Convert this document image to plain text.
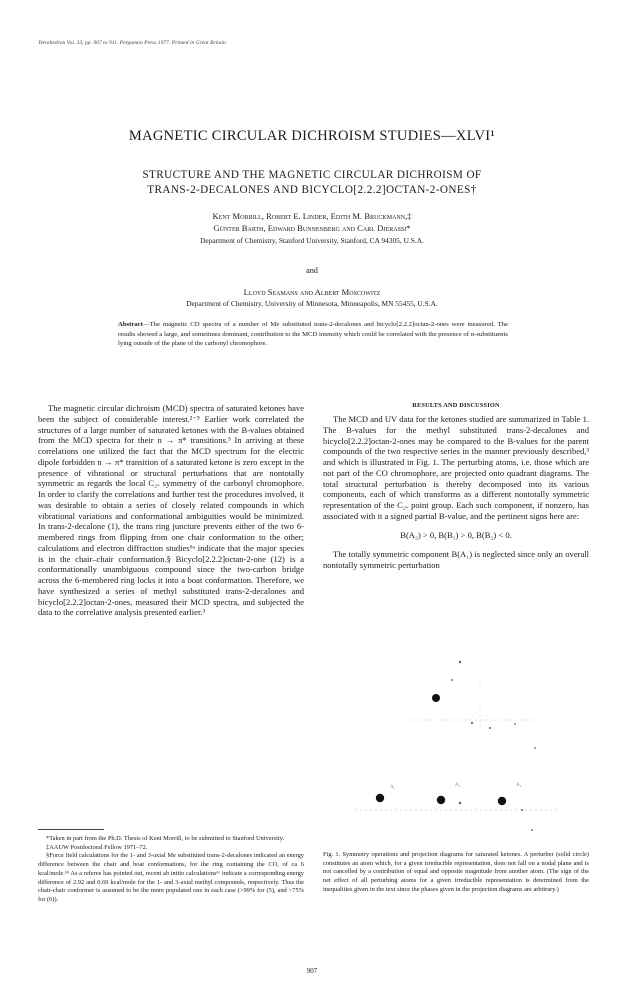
Tetrahedron Vol. 33, pp. 907 to 911. Pergamon Press 1977. Printed in Great Britain
MAGNETIC CIRCULAR DICHROISM STUDIES—XLVI¹
STRUCTURE AND THE MAGNETIC CIRCULAR DICHROISM OF
TRANS-2-DECALONES AND BICYCLO[2.2.2]OCTAN-2-ONES†
Kent Morrill, Robert E. Linder, Edith M. Bruckmann,‡
Günter Barth, Edward Bunnenberg and Carl Djerassi*
Department of Chemistry, Stanford University, Stanford, CA 94305, U.S.A.
and
Lloyd Seamans and Albert Moscowitz
Department of Chemistry, University of Minnesota, Minneapolis, MN 55455, U.S.A.
Abstract—The magnetic CD spectra of a number of Me substituted trans-2-decalones and bicyclo[2.2.2]octan-2-ones were measured. The results showed a large, and sometimes dominant, contribution to the MCD intensity which could be correlated with the presence of α-substituents lying outside of the plane of the carbonyl chromophore.

The magnetic circular dichroism (MCD) spectra of saturated ketones have been the subject of considerable interest.²⁻⁵ Earlier work correlated the structures of a large number of saturated ketones with the B-values obtained from the MCD spectra for their n → π* transitions.³ In arriving at these correlations one utilized the fact that the MCD spectrum for the electric dipole forbidden n → π* transition of a saturated ketone is zero except in the presence of vibrational or structural perturbations that are nontotally symmetric as regards the local C₂ᵥ symmetry of the carbonyl chromophore. In order to clarify the correlations and further test the procedures involved, it was desirable to obtain a series of closely related compounds in which vibrational variations and conformational ambiguities would be minimized. In trans-2-decalone (1), the trans ring juncture prevents either of the two 6-membered rings from flipping from one chair conformation to the other; calculations and electron diffraction studies⁶ᵃ indicate that the major species is in the chair–chair conformation.§ Bicyclo[2.2.2]octan-2-one (12) is a conformationally unambiguous compound since the two-carbon bridge across the 6-membered ring locks it into a boat conformation. Therefore, we have synthesized a series of methyl substituted trans-2-decalones and bicyclo[2.2.2]octan-2-ones, measured their MCD spectra, and subjected the data to the correlative analysis presented earlier.³

*Taken in part from the Ph.D. Thesis of Kent Morrill, to be submitted to Stanford University.

‡AAUW Postdoctoral Fellow 1971–72.

§Force field calculations for the 1- and 3-axial Me substituted trans-2-decalones indicated an energy difference between the chair and boat conformations, for the ring containing the CO, of ca 6 kcal/mole.⁶ᵇ As a referee has pointed out, recent ab initio calculations⁶ᶜ indicate a corresponding energy difference of 2.92 and 0.69 kcal/mole for the 1- and 3-axial methyl compounds, respectively. Thus the chair-chair conformer is assumed to be the more populated one in each case (>99% for (5), and >75% for (6)).

RESULTS AND DISCUSSION

The MCD and UV data for the ketones studied are summarized in Table 1. The B-values for the methyl substituted trans-2-decalones and bicyclo[2.2.2]octan-2-ones may be compared to the B-values for the parent compounds of the two respective series in the manner previously described,³ and which is illustrated in Fig. 1. The perturbing atoms, i.e. those which are not part of the CO chromophore, are projected onto quadrant diagrams. The total structural perturbation is thereby decomposed into its various components, each of which transforms as a different nontotally symmetric representation of the C₂ᵥ point group. Each such component, if nonzero, has associated with it a signed partial B-value, and the pertinent signs here are:

B(A₂) > 0, B(B₁) > 0, B(B₂) < 0.

The totally symmetric component B(A₁) is neglected since only an overall nontotally symmetric perturbation

A₁	A₂	A₂
Fig. 1. Symmetry operations and projection diagrams for saturated ketones. A perturber (solid circle) constitutes an atom which, for a given irreducible representation, does not fall on a nodal plane and is not cancelled by a contribution of equal and opposite magnitude from another atom. (The sign of the net effect of all perturbing atoms for a given irreducible representation is determined from the inequalities given in the text since the phases given in the projection diagrams are arbitrary.)
907
